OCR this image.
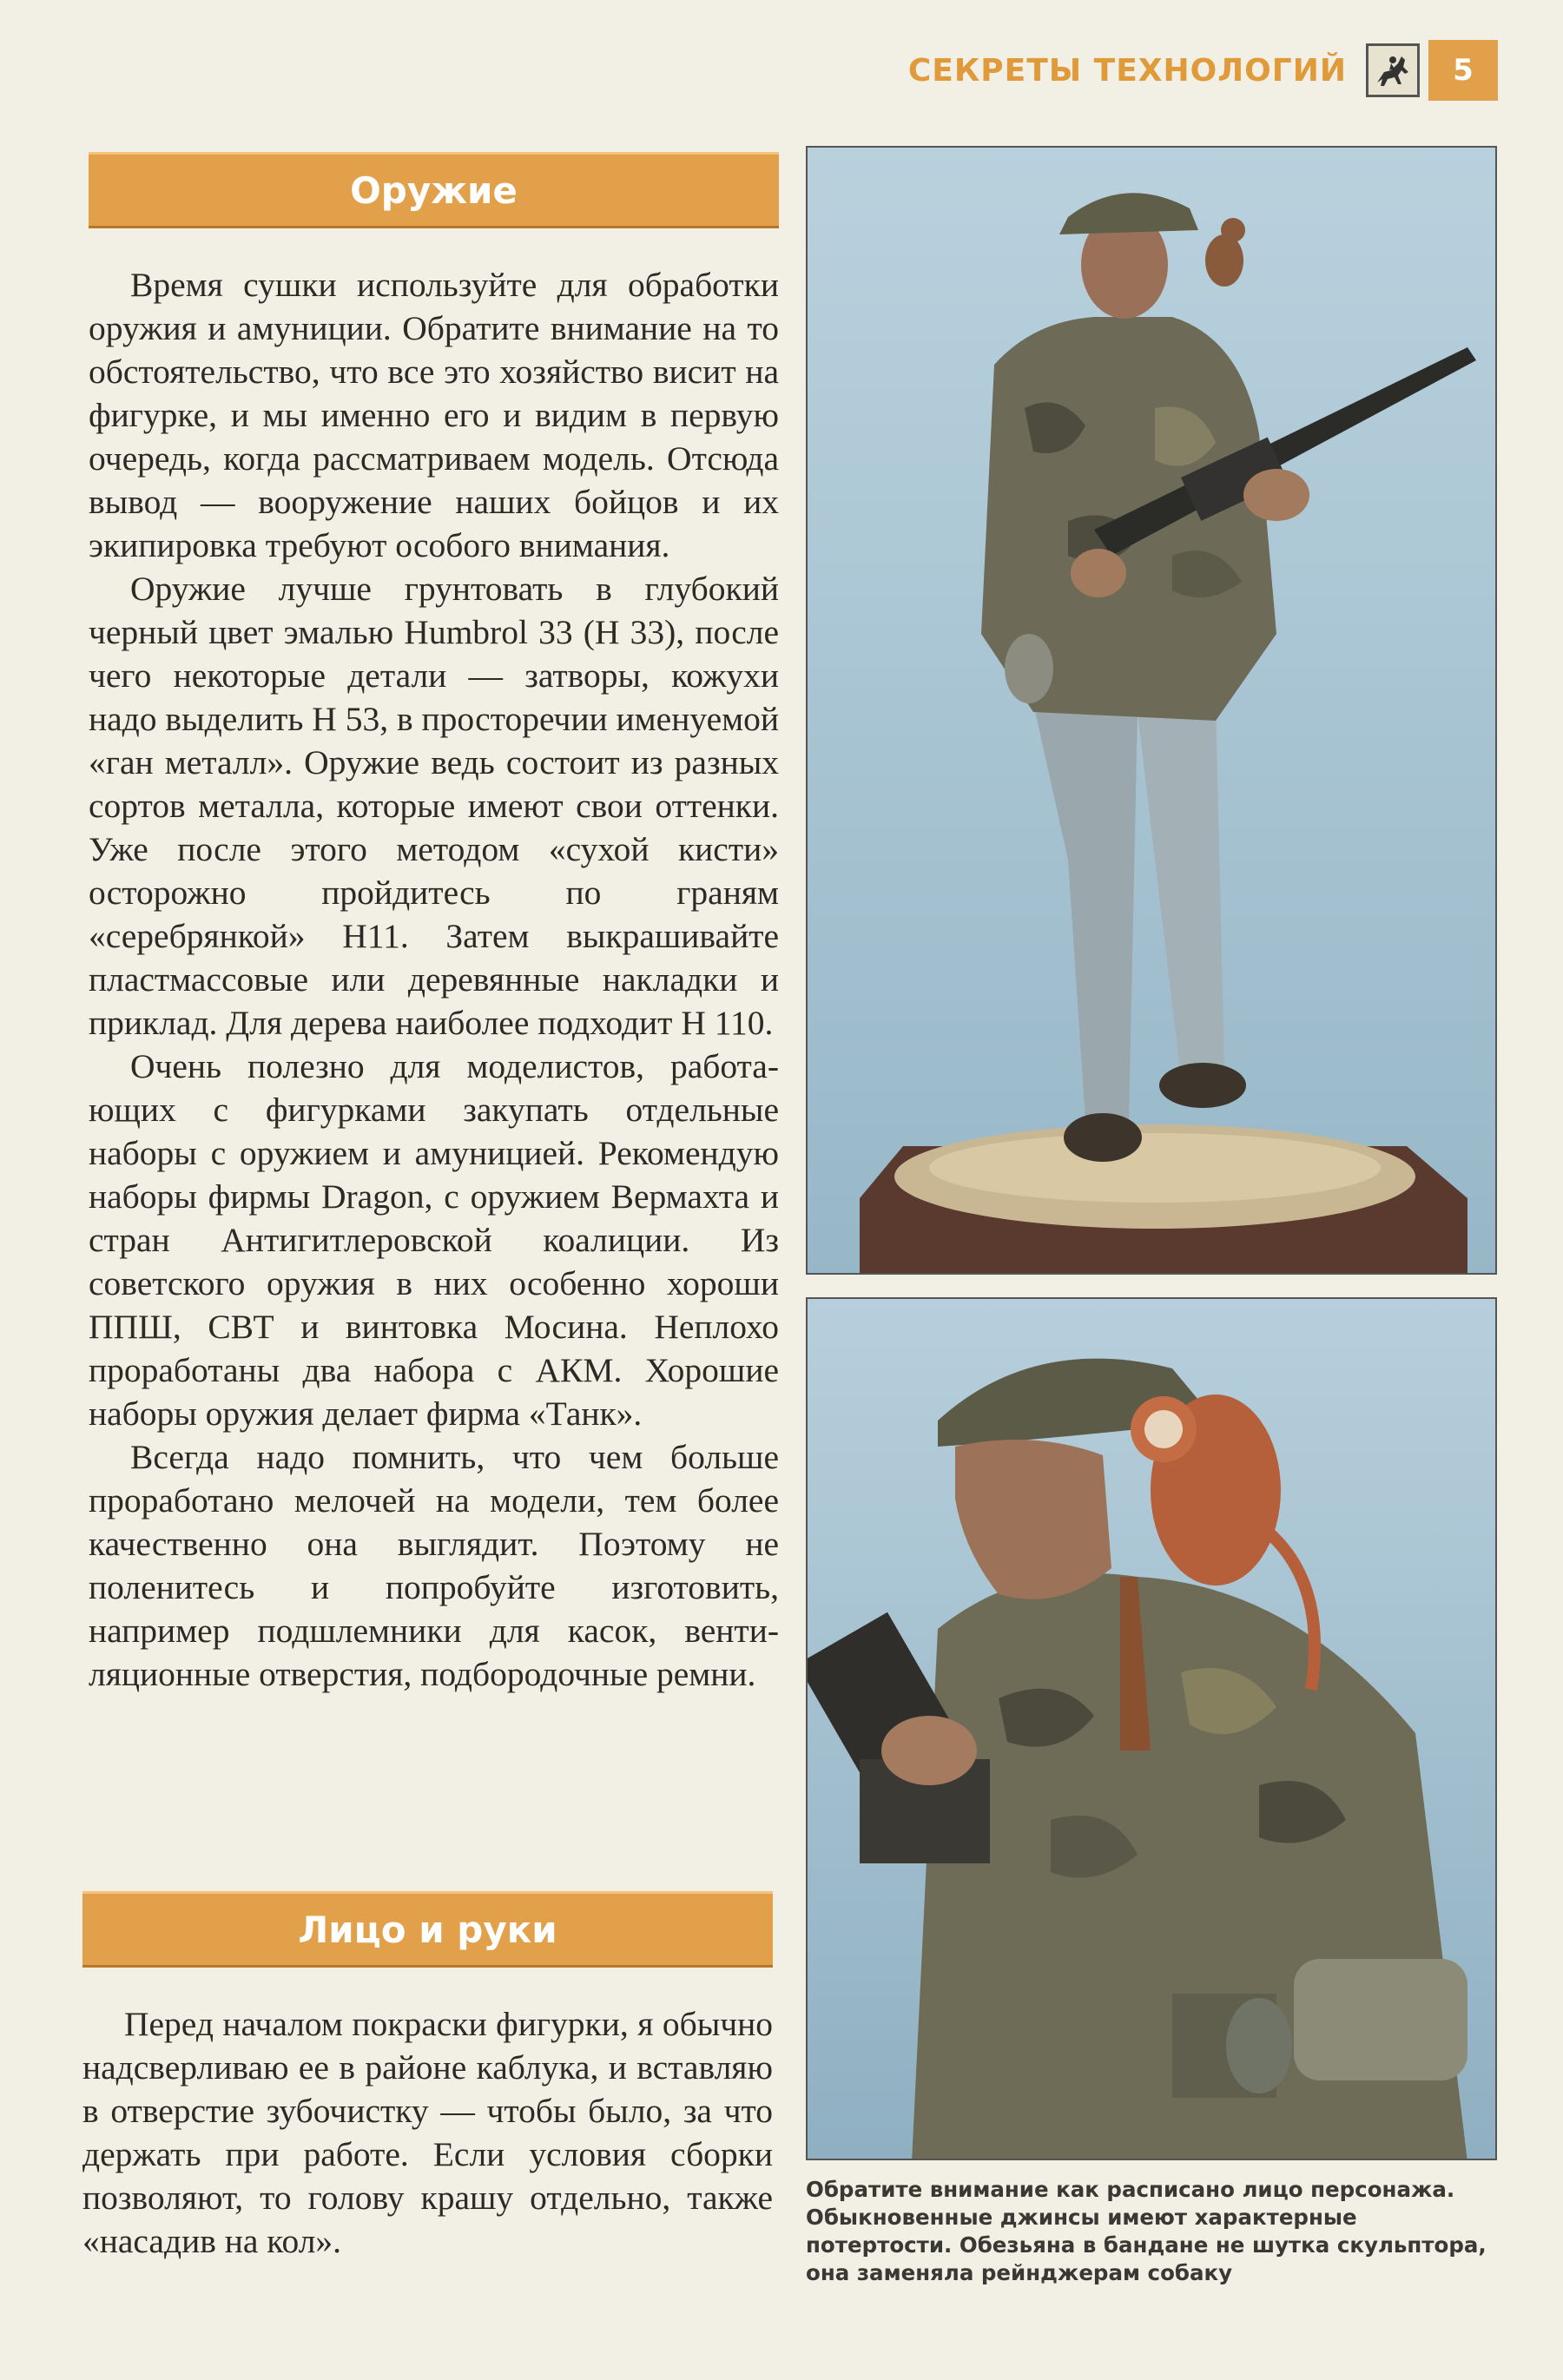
СЕКРЕТЫ ТЕХНОЛОГИЙ	5
Оружие

Время сушки используйте для обработки оружия и амуниции. Обратите внимание на то обстоятельство, что все это хозяйство висит на фигурке, и мы именно его и видим в первую очередь, когда рассматриваем модель. Отсюда вывод — вооружение наших бойцов и их экипировка требуют особого внимания.

Оружие лучше грунтовать в глубокий черный цвет эмалью Humbrol 33 (Н 33), после чего некоторые детали — затворы, кожухи надо выделить Н 53, в просторечии именуемой «ган металл». Оружие ведь состоит из разных сортов металла, которые имеют свои оттенки. Уже после этого методом «сухой кисти» осторожно пройдитесь по граням «серебрянкой» Н11. Затем выкрашивайте пластмассовые или деревянные накладки и приклад. Для дерева наиболее подходит Н 110.

Очень полезно для моделистов, работающих с фигурками закупать отдельные наборы с оружием и амуницией. Рекомендую наборы фирмы Dragon, с оружием Вермахта и стран Антигитлеровской коалиции. Из советского оружия в них особенно хороши ППШ, СВТ и винтовка Мосина. Неплохо проработаны два набора с АКМ. Хорошие наборы оружия делает фирма «Танк».

Всегда надо помнить, что чем больше проработано мелочей на модели, тем более качественно она выглядит. Поэтому не поленитесь и попробуйте изготовить, например подшлемники для касок, вентиляционные отверстия, подбородочные ремни.

Лицо и руки

Перед началом покраски фигурки, я обычно надсверливаю ее в районе каблука, и вставляю в отверстие зубочистку — чтобы было, за что держать при работе. Если условия сборки позволяют, то голову крашу отдельно, также «насадив на кол».

Обратите внимание как расписано лицо персонажа. Обыкновенные джинсы имеют характерные потертости. Обезьяна в бандане не шутка скульптора, она заменяла рейнджерам собаку
